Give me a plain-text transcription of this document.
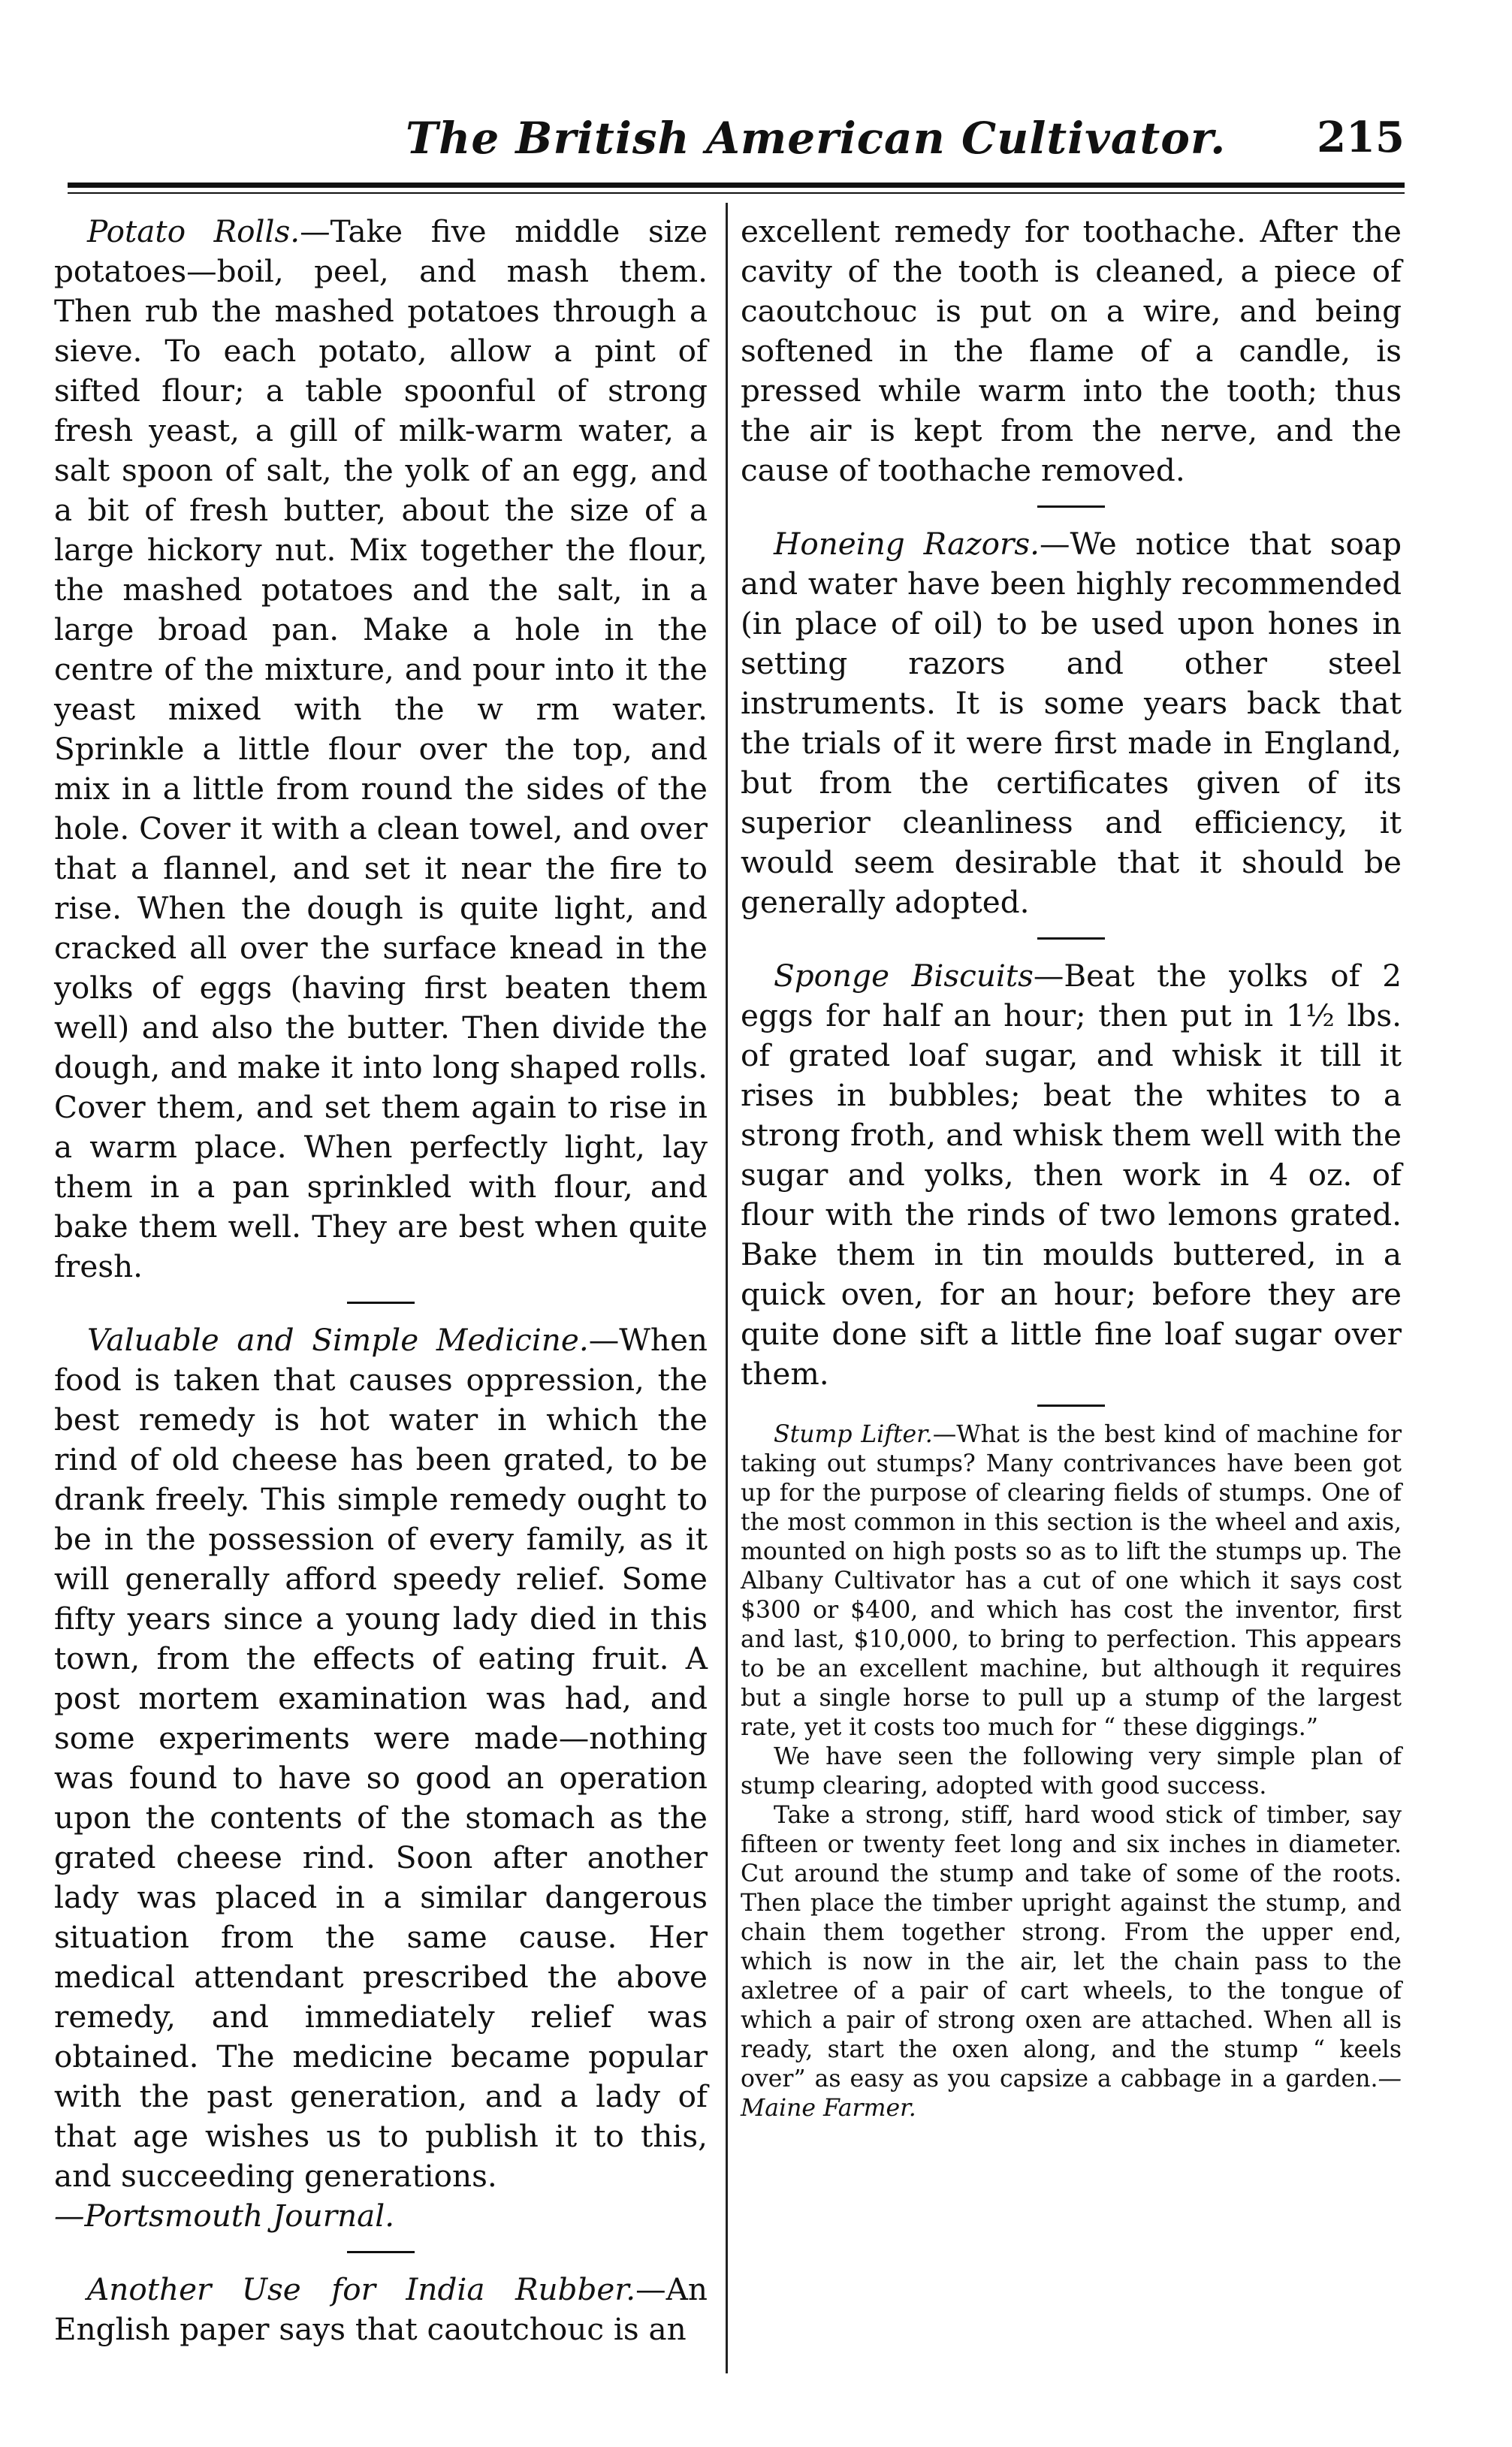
The British American Cultivator. 215

Potato Rolls.—Take five middle size potatoes—boil, peel, and mash them. Then rub the mashed potatoes through a sieve. To each potato, allow a pint of sifted flour; a table spoonful of strong fresh yeast, a gill of milk-warm water, a salt spoon of salt, the yolk of an egg, and a bit of fresh butter, about the size of a large hickory nut. Mix together the flour, the mashed potatoes and the salt, in a large broad pan. Make a hole in the centre of the mixture, and pour into it the yeast mixed with the w rm water. Sprinkle a little flour over the top, and mix in a little from round the sides of the hole. Cover it with a clean towel, and over that a flannel, and set it near the fire to rise. When the dough is quite light, and cracked all over the surface knead in the yolks of eggs (having first beaten them well) and also the butter. Then divide the dough, and make it into long shaped rolls. Cover them, and set them again to rise in a warm place. When perfectly light, lay them in a pan sprinkled with flour, and bake them well. They are best when quite fresh.

Valuable and Simple Medicine.—When food is taken that causes oppression, the best remedy is hot water in which the rind of old cheese has been grated, to be drank freely. This simple remedy ought to be in the possession of every family, as it will generally afford speedy relief. Some fifty years since a young lady died in this town, from the effects of eating fruit. A post mortem examination was had, and some experiments were made—nothing was found to have so good an operation upon the contents of the stomach as the grated cheese rind. Soon after another lady was placed in a similar dangerous situation from the same cause. Her medical attendant prescribed the above remedy, and immediately relief was obtained. The medicine became popular with the past generation, and a lady of that age wishes us to publish it to this, and succeeding generations.

—Portsmouth Journal.

Another Use for India Rubber.—An English paper says that caoutchouc is an

excellent remedy for toothache. After the cavity of the tooth is cleaned, a piece of caoutchouc is put on a wire, and being softened in the flame of a candle, is pressed while warm into the tooth; thus the air is kept from the nerve, and the cause of toothache removed.

Honeing Razors.—We notice that soap and water have been highly recommended (in place of oil) to be used upon hones in setting razors and other steel instruments. It is some years back that the trials of it were first made in England, but from the certificates given of its superior cleanliness and efficiency, it would seem desirable that it should be generally adopted.

Sponge Biscuits—Beat the yolks of 2 eggs for half an hour; then put in 1½ lbs. of grated loaf sugar, and whisk it till it rises in bubbles; beat the whites to a strong froth, and whisk them well with the sugar and yolks, then work in 4 oz. of flour with the rinds of two lemons grated. Bake them in tin moulds buttered, in a quick oven, for an hour; before they are quite done sift a little fine loaf sugar over them.

Stump Lifter.—What is the best kind of machine for taking out stumps? Many contrivances have been got up for the purpose of clearing fields of stumps. One of the most common in this section is the wheel and axis, mounted on high posts so as to lift the stumps up. The Albany Cultivator has a cut of one which it says cost $300 or $400, and which has cost the inventor, first and last, $10,000, to bring to perfection. This appears to be an excellent machine, but although it requires but a single horse to pull up a stump of the largest rate, yet it costs too much for “ these diggings.”

We have seen the following very simple plan of stump clearing, adopted with good success.

Take a strong, stiff, hard wood stick of timber, say fifteen or twenty feet long and six inches in diameter. Cut around the stump and take of some of the roots. Then place the timber upright against the stump, and chain them together strong. From the upper end, which is now in the air, let the chain pass to the axletree of a pair of cart wheels, to the tongue of which a pair of strong oxen are attached. When all is ready, start the oxen along, and the stump “ keels over” as easy as you capsize a cabbage in a garden.—Maine Farmer.
